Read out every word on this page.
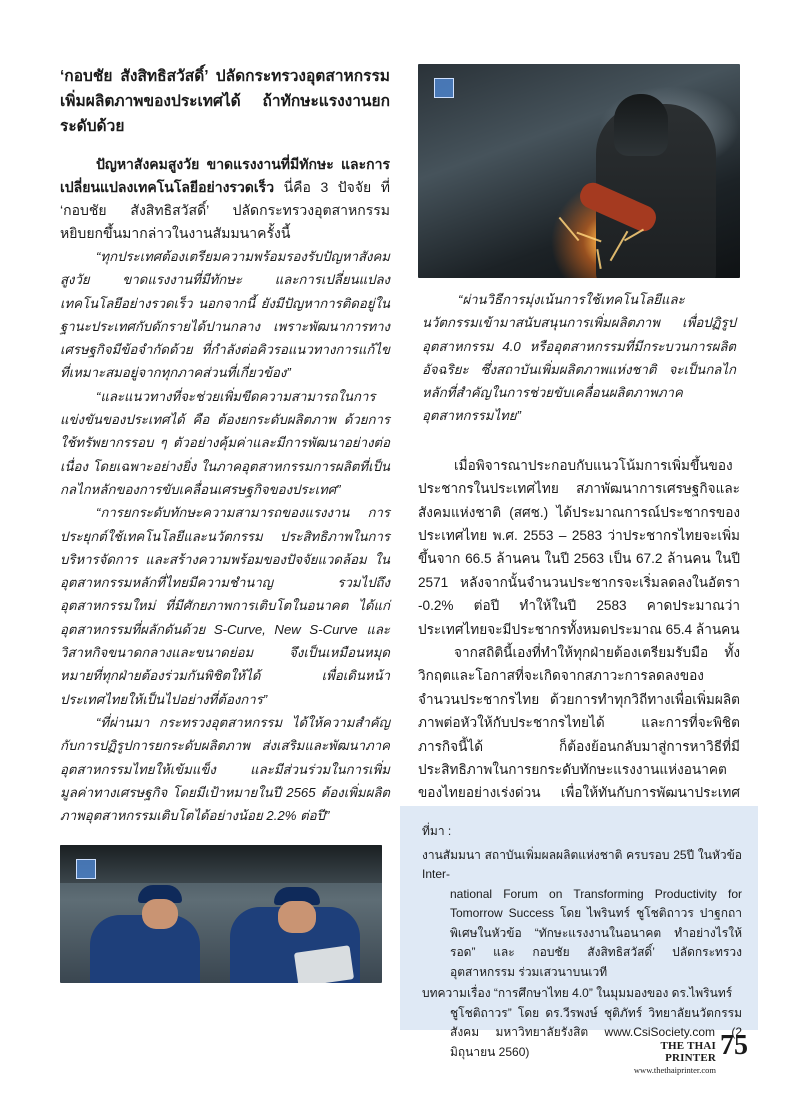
‘กอบชัย สังสิทธิสวัสดิ์’ ปลัดกระทรวงอุตสาหกรรม เพิ่มผลิตภาพของประเทศได้ ถ้าทักษะแรงงานยกระดับด้วย

ปัญหาสังคมสูงวัย ขาดแรงงานที่มีทักษะ และการเปลี่ยนแปลงเทคโนโลยีอย่างรวดเร็ว นี่คือ 3 ปัจจัย ที่ ‘กอบชัย สังสิทธิสวัสดิ์’ ปลัดกระทรวงอุตสาหกรรม หยิบยกขึ้นมากล่าวในงานสัมมนาครั้งนี้

“ทุกประเทศต้องเตรียมความพร้อมรองรับปัญหาสังคมสูงวัย ขาดแรงงานที่มีทักษะ และการเปลี่ยนแปลงเทคโนโลยีอย่างรวดเร็ว นอกจากนี้ ยังมีปัญหาการติดอยู่ในฐานะประเทศกับดักรายได้ปานกลาง เพราะพัฒนาการทางเศรษฐกิจมีข้อจำกัดด้วย ที่กำลังต่อคิวรอแนวทางการแก้ไขที่เหมาะสมอยู่จากทุกภาคส่วนที่เกี่ยวข้อง”

“และแนวทางที่จะช่วยเพิ่มขีดความสามารถในการแข่งขันของประเทศได้ คือ ต้องยกระดับผลิตภาพ ด้วยการใช้ทรัพยากรรอบ ๆ ตัวอย่างคุ้มค่าและมีการพัฒนาอย่างต่อเนื่อง โดยเฉพาะอย่างยิ่ง ในภาคอุตสาหกรรมการผลิตที่เป็นกลไกหลักของการขับเคลื่อนเศรษฐกิจของประเทศ”

“การยกระดับทักษะความสามารถของแรงงาน การประยุกต์ใช้เทคโนโลยีและนวัตกรรม ประสิทธิภาพในการบริหารจัดการ และสร้างความพร้อมของปัจจัยแวดล้อม ในอุตสาหกรรมหลักที่ไทยมีความชำนาญ รวมไปถึงอุตสาหกรรมใหม่ ที่มีศักยภาพการเติบโตในอนาคต ได้แก่ อุตสาหกรรมที่ผลักดันด้วย S-Curve, New S-Curve และวิสาหกิจขนาดกลางและขนาดย่อม จึงเป็นเหมือนหมุดหมายที่ทุกฝ่ายต้องร่วมกันพิชิตให้ได้ เพื่อเดินหน้าประเทศไทยให้เป็นไปอย่างที่ต้องการ”

“ที่ผ่านมา กระทรวงอุตสาหกรรม ได้ให้ความสำคัญกับการปฏิรูปการยกระดับผลิตภาพ ส่งเสริมและพัฒนาภาคอุตสาหกรรมไทยให้เข้มแข็ง และมีส่วนร่วมในการเพิ่มมูลค่าทางเศรษฐกิจ โดยมีเป้าหมายในปี 2565 ต้องเพิ่มผลิตภาพอุตสาหกรรมเติบโตได้อย่างน้อย 2.2% ต่อปี”

“ผ่านวิธีการมุ่งเน้นการใช้เทคโนโลยีและนวัตกรรมเข้ามาสนับสนุนการเพิ่มผลิตภาพ เพื่อปฏิรูปอุตสาหกรรม 4.0 หรืออุตสาหกรรมที่มีกระบวนการผลิตอัจฉริยะ ซึ่งสถาบันเพิ่มผลิตภาพแห่งชาติ จะเป็นกลไกหลักที่สำคัญในการช่วยขับเคลื่อนผลิตภาพภาคอุตสาหกรรมไทย”

เมื่อพิจารณาประกอบกับแนวโน้มการเพิ่มขึ้นของประชากรในประเทศไทย สภาพัฒนาการเศรษฐกิจและสังคมแห่งชาติ (สศช.) ได้ประมาณการณ์ประชากรของประเทศไทย พ.ศ. 2553 – 2583 ว่าประชากรไทยจะเพิ่มขึ้นจาก 66.5 ล้านคน ในปี 2563 เป็น 67.2 ล้านคน ในปี 2571 หลังจากนั้นจำนวนประชากรจะเริ่มลดลงในอัตรา -0.2% ต่อปี ทำให้ในปี 2583 คาดประมาณว่าประเทศไทยจะมีประชากรทั้งหมดประมาณ 65.4 ล้านคน

จากสถิตินี้เองที่ทำให้ทุกฝ่ายต้องเตรียมรับมือ ทั้งวิกฤตและโอกาสที่จะเกิดจากสภาวะการลดลงของจำนวนประชากรไทย ด้วยการทำทุกวิถีทางเพื่อเพิ่มผลิตภาพต่อหัวให้กับประชากรไทยได้ และการที่จะพิชิตภารกิจนี้ได้ ก็ต้องย้อนกลับมาสู่การหาวิธีที่มีประสิทธิภาพในการยกระดับทักษะแรงงานแห่งอนาคตของไทยอย่างเร่งด่วน เพื่อให้ทันกับการพัฒนาประเทศ

ที่มา :

งานสัมมนา สถาบันเพิ่มผลผลิตแห่งชาติ ครบรอบ 25ปี ในหัวข้อ Inter-
national Forum on Transforming Productivity for Tomorrow Success โดย ไพรินทร์ ชูโชติถาวร ปาฐกถาพิเศษในหัวข้อ “ทักษะแรงงานในอนาคต ทำอย่างไรให้รอด” และ กอบชัย สังสิทธิสวัสดิ์’ ปลัดกระทรวงอุตสาหกรรม ร่วมเสวนาบนเวที

บทความเรื่อง “การศึกษาไทย 4.0” ในมุมมองของ ดร.ไพรินทร์
ชูโชติถาวร” โดย ดร.วีรพงษ์ ชุติภัทร์ วิทยาลัยนวัตกรรมสังคม มหาวิทยาลัยรังสิต www.CsiSociety.com (2 มิถุนายน 2560)	THE THAI PRINTER
www.thethaiprinter.com
75
